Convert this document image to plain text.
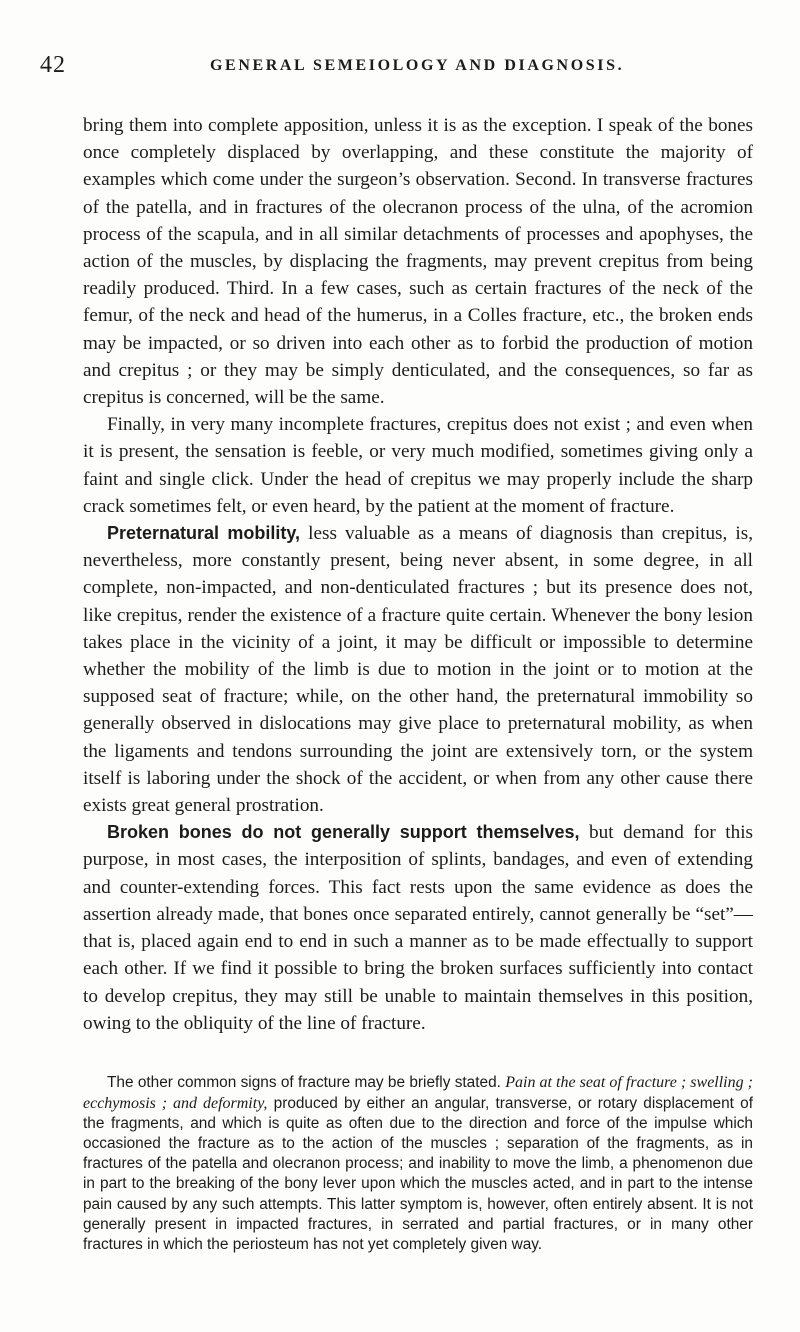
42	GENERAL SEMEIOLOGY AND DIAGNOSIS.

bring them into complete apposition, unless it is as the exception. I speak of the bones once completely displaced by overlapping, and these constitute the majority of examples which come under the surgeon’s observation. Second. In transverse fractures of the patella, and in fractures of the olecranon process of the ulna, of the acromion process of the scapula, and in all similar detachments of processes and apophyses, the action of the muscles, by displacing the fragments, may prevent crepitus from being readily produced. Third. In a few cases, such as certain fractures of the neck of the femur, of the neck and head of the humerus, in a Colles fracture, etc., the broken ends may be impacted, or so driven into each other as to forbid the production of motion and crepitus ; or they may be simply denticulated, and the consequences, so far as crepitus is concerned, will be the same.

Finally, in very many incomplete fractures, crepitus does not exist ; and even when it is present, the sensation is feeble, or very much modified, sometimes giving only a faint and single click. Under the head of crepitus we may properly include the sharp crack sometimes felt, or even heard, by the patient at the moment of fracture.

Preternatural mobility, less valuable as a means of diagnosis than crepitus, is, nevertheless, more constantly present, being never absent, in some degree, in all complete, non-impacted, and non-denticulated fractures ; but its presence does not, like crepitus, render the existence of a fracture quite certain. Whenever the bony lesion takes place in the vicinity of a joint, it may be difficult or impossible to determine whether the mobility of the limb is due to motion in the joint or to motion at the supposed seat of fracture; while, on the other hand, the preternatural immobility so generally observed in dislocations may give place to preternatural mobility, as when the ligaments and tendons surrounding the joint are extensively torn, or the system itself is laboring under the shock of the accident, or when from any other cause there exists great general prostration.

Broken bones do not generally support themselves, but demand for this purpose, in most cases, the interposition of splints, bandages, and even of extending and counter-extending forces. This fact rests upon the same evidence as does the assertion already made, that bones once separated entirely, cannot generally be “set”—that is, placed again end to end in such a manner as to be made effectually to support each other. If we find it possible to bring the broken surfaces sufficiently into contact to develop crepitus, they may still be unable to maintain themselves in this position, owing to the obliquity of the line of fracture.

The other common signs of fracture may be briefly stated. Pain at the seat of fracture ; swelling ; ecchymosis ; and deformity, produced by either an angular, transverse, or rotary displacement of the fragments, and which is quite as often due to the direction and force of the impulse which occasioned the fracture as to the action of the muscles ; separation of the fragments, as in fractures of the patella and olecranon process; and inability to move the limb, a phenomenon due in part to the breaking of the bony lever upon which the muscles acted, and in part to the intense pain caused by any such attempts. This latter symptom is, however, often entirely absent. It is not generally present in impacted fractures, in serrated and partial fractures, or in many other fractures in which the periosteum has not yet completely given way.
